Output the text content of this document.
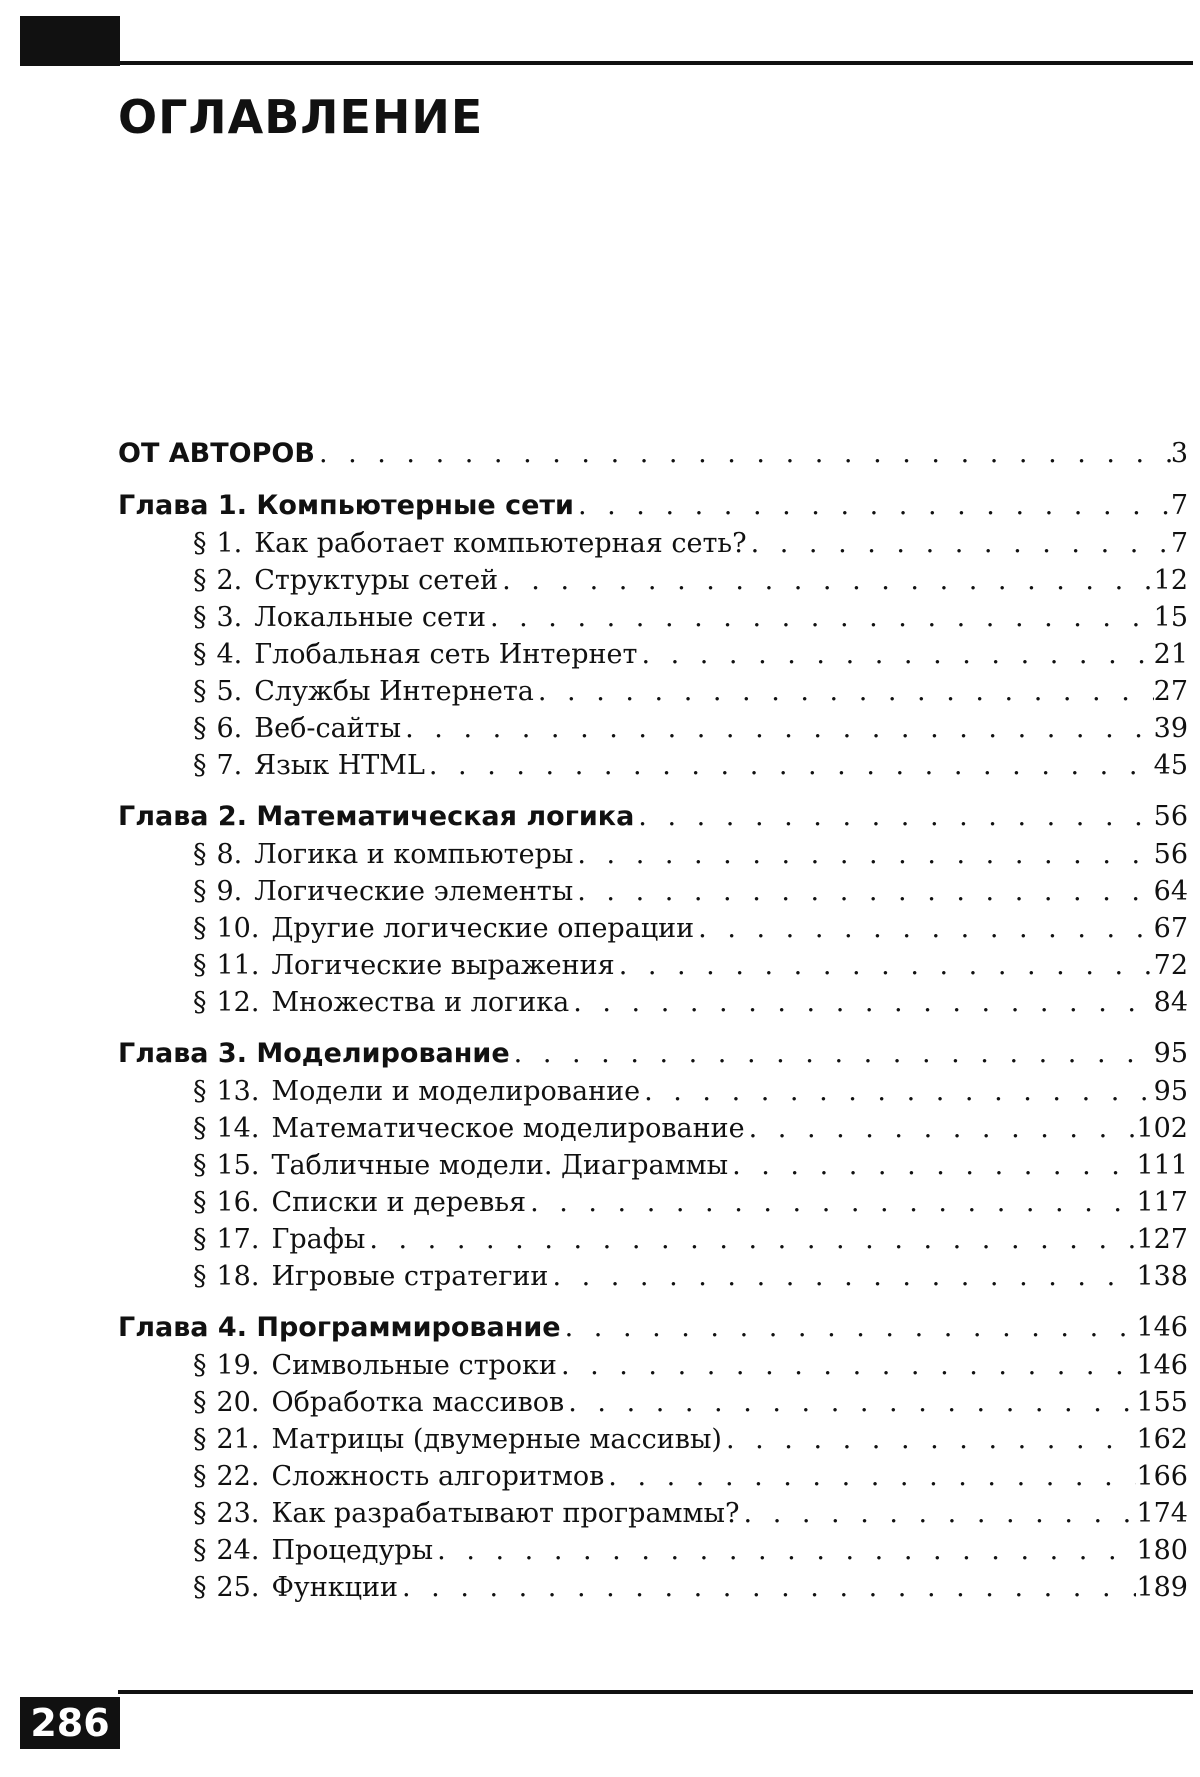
ОГЛАВЛЕНИЕ
ОТ АВТОРОВ . . .	3
Глава 1. Компьютерные сети . . .	7
§ 1. Как работает компьютерная сеть? . . .	7
§ 2. Структуры сетей . . .	12
§ 3. Локальные сети . . .	15
§ 4. Глобальная сеть Интернет . . .	21
§ 5. Службы Интернета . . .	27
§ 6. Веб-сайты . . .	39
§ 7. Язык HTML . . .	45
Глава 2. Математическая логика . . .	56
§ 8. Логика и компьютеры . . .	56
§ 9. Логические элементы . . .	64
§ 10. Другие логические операции . . .	67
§ 11. Логические выражения . . .	72
§ 12. Множества и логика . . .	84
Глава 3. Моделирование . . .	95
§ 13. Модели и моделирование . . .	95
§ 14. Математическое моделирование . . .	102
§ 15. Табличные модели. Диаграммы . . .	111
§ 16. Списки и деревья . . .	117
§ 17. Графы . . .	127
§ 18. Игровые стратегии . . .	138
Глава 4. Программирование . . .	146
§ 19. Символьные строки . . .	146
§ 20. Обработка массивов . . .	155
§ 21. Матрицы (двумерные массивы) . . .	162
§ 22. Сложность алгоритмов . . .	166
§ 23. Как разрабатывают программы? . . .	174
§ 24. Процедуры . . .	180
§ 25. Функции . . .	189
286
